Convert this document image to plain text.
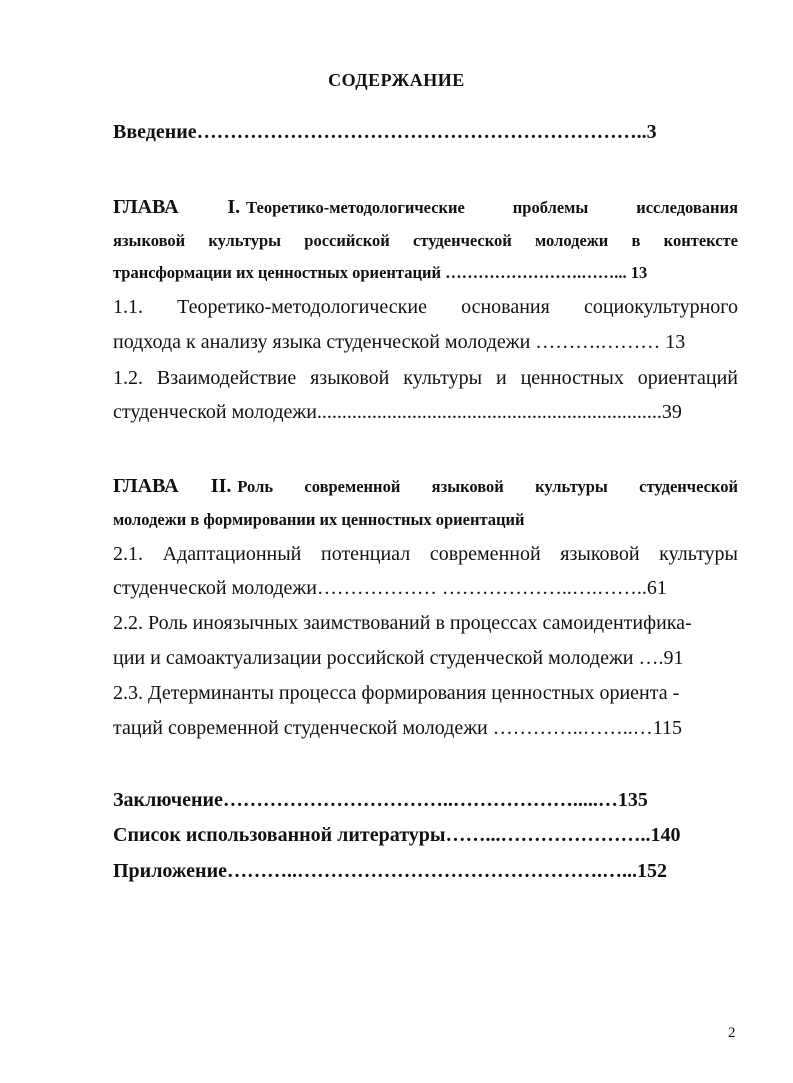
СОДЕРЖАНИЕ
Введение…………………………………………………………..3
ГЛАВА I. Теоретико-методологические проблемы исследования
языковой культуры российской студенческой молодежи в контексте
трансформации их ценностных ориентаций …………………….……... 13
1.1. Теоретико-методологические основания социокультурного
подхода к анализу языка студенческой молодежи ……….……… 13
1.2. Взаимодействие языковой культуры и ценностных ориентаций
студенческой молодежи.....................................................................39
ГЛАВА II. Роль современной языковой культуры студенческой
молодежи в формировании их ценностных ориентаций
2.1. Адаптационный потенциал современной языковой культуры
студенческой молодежи……………… ………………..….……..61
2.2. Роль иноязычных заимствований в процессах самоидентифика-
ции и самоактуализации российской студенческой молодежи ….91
2.3. Детерминанты процесса формирования ценностных ориента -
таций современной студенческой молодежи …………..……..…115
Заключение……………………………..……………….....…135
Список использованной литературы……...…………………..140
Приложение………..……………………………………….…...152
2
